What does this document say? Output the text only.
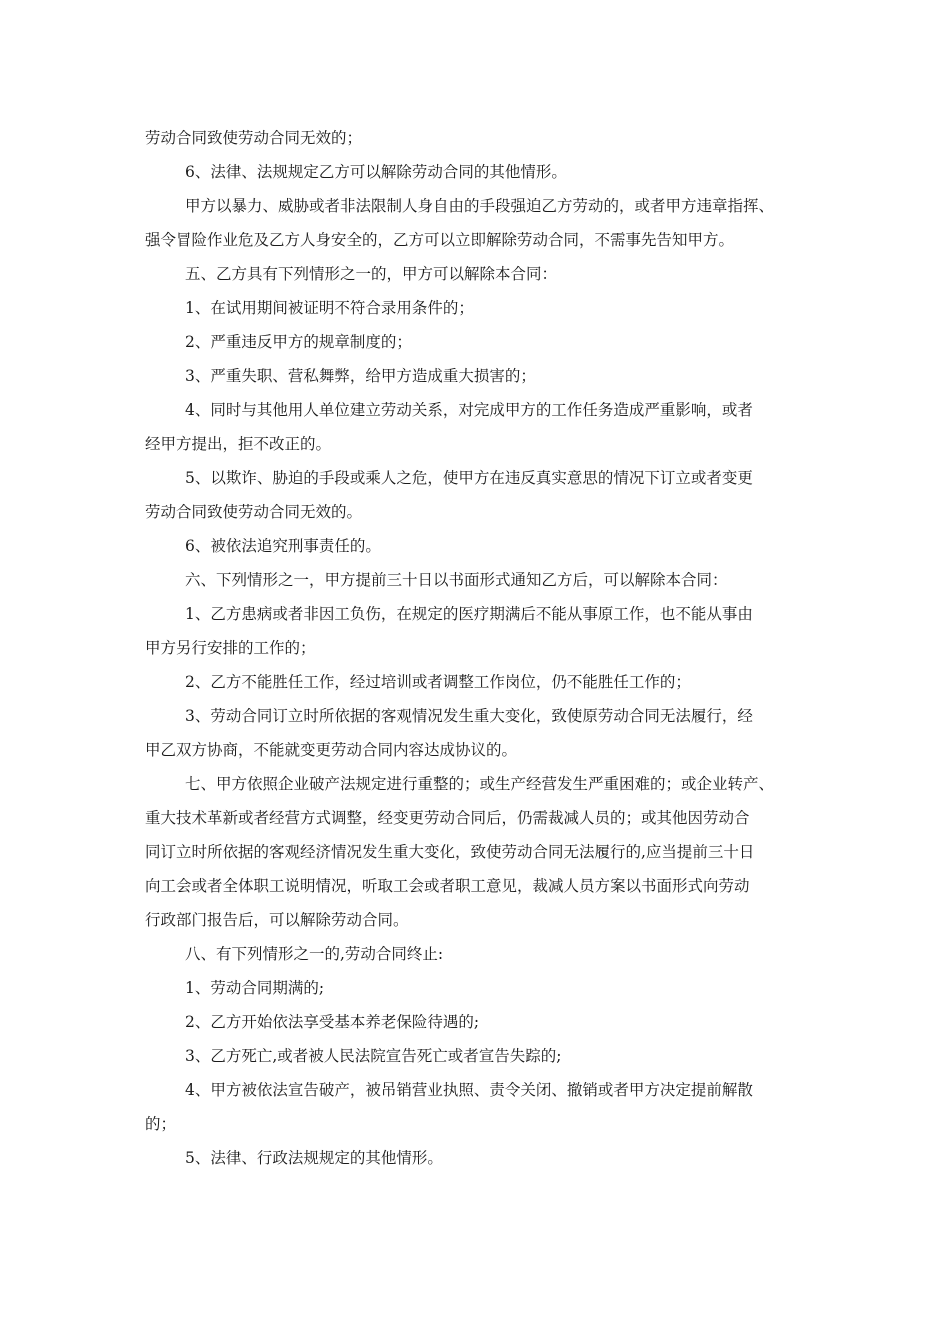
劳动合同致使劳动合同无效的；
6、法律、法规规定乙方可以解除劳动合同的其他情形。
甲方以暴力、威胁或者非法限制人身自由的手段强迫乙方劳动的，或者甲方违章指挥、
强令冒险作业危及乙方人身安全的，乙方可以立即解除劳动合同，不需事先告知甲方。
五、乙方具有下列情形之一的，甲方可以解除本合同：
1、在试用期间被证明不符合录用条件的；
2、严重违反甲方的规章制度的；
3、严重失职、营私舞弊，给甲方造成重大损害的；
4、同时与其他用人单位建立劳动关系，对完成甲方的工作任务造成严重影响，或者
经甲方提出，拒不改正的。
5、以欺诈、胁迫的手段或乘人之危，使甲方在违反真实意思的情况下订立或者变更
劳动合同致使劳动合同无效的。
6、被依法追究刑事责任的。
六、下列情形之一，甲方提前三十日以书面形式通知乙方后，可以解除本合同：
1、乙方患病或者非因工负伤，在规定的医疗期满后不能从事原工作，也不能从事由
甲方另行安排的工作的；
2、乙方不能胜任工作，经过培训或者调整工作岗位，仍不能胜任工作的；
3、劳动合同订立时所依据的客观情况发生重大变化，致使原劳动合同无法履行，经
甲乙双方协商，不能就变更劳动合同内容达成协议的。
七、甲方依照企业破产法规定进行重整的；或生产经营发生严重困难的；或企业转产、
重大技术革新或者经营方式调整，经变更劳动合同后，仍需裁减人员的；或其他因劳动合
同订立时所依据的客观经济情况发生重大变化，致使劳动合同无法履行的,应当提前三十日
向工会或者全体职工说明情况，听取工会或者职工意见，裁减人员方案以书面形式向劳动
行政部门报告后，可以解除劳动合同。
八、有下列情形之一的,劳动合同终止:
1、劳动合同期满的;
2、乙方开始依法享受基本养老保险待遇的;
3、乙方死亡,或者被人民法院宣告死亡或者宣告失踪的;
4、甲方被依法宣告破产，被吊销营业执照、责令关闭、撤销或者甲方决定提前解散
的；
5、法律、行政法规规定的其他情形。
